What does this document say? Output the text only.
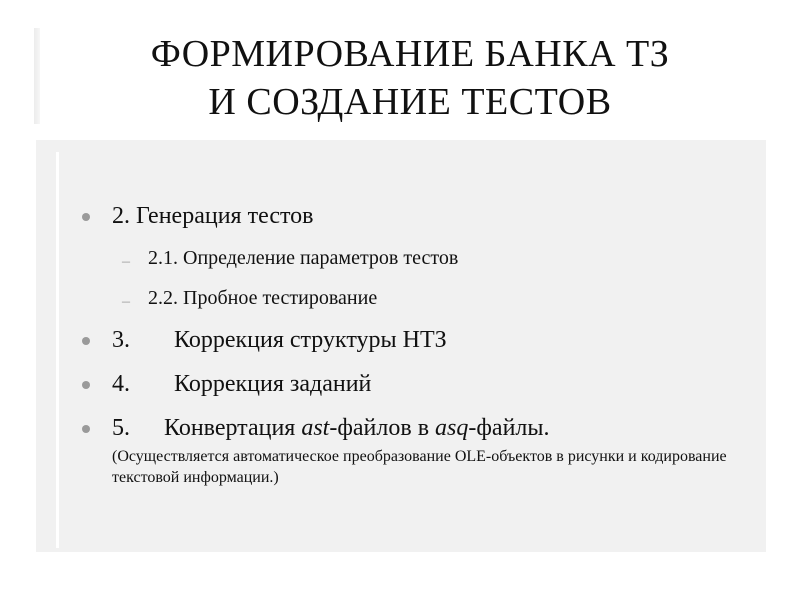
ФОРМИРОВАНИЕ БАНКА ТЗ
И СОЗДАНИЕ ТЕСТОВ
2. Генерация тестов
– 2.1. Определение параметров тестов
– 2.2. Пробное тестирование
3. Коррекция структуры НТЗ
4. Коррекция заданий
5. Конвертация ast-файлов в asq-файлы.
(Осуществляется автоматическое преобразование OLE-объектов в рисунки и кодирование текстовой информации.)
